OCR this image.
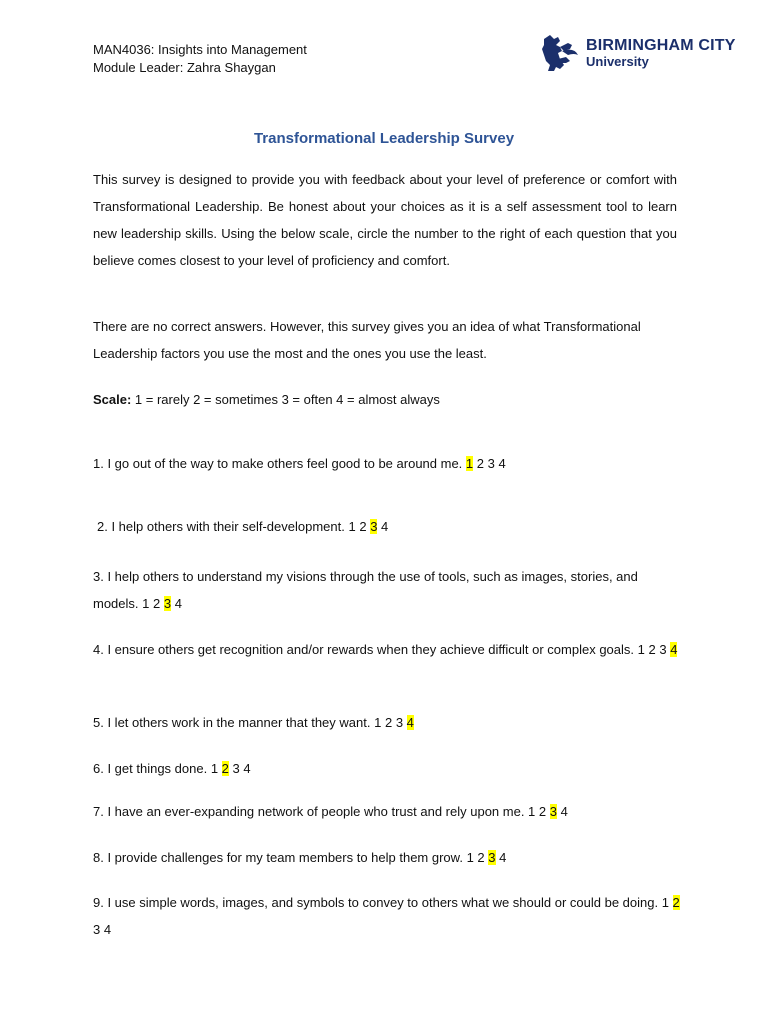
MAN4036: Insights into Management
Module Leader: Zahra Shaygan
BIRMINGHAM CITY
University
Transformational Leadership Survey
This survey is designed to provide you with feedback about your level of preference or comfort with Transformational Leadership. Be honest about your choices as it is a self assessment tool to learn new leadership skills. Using the below scale, circle the number to the right of each question that you believe comes closest to your level of proficiency and comfort.
There are no correct answers. However, this survey gives you an idea of what Transformational Leadership factors you use the most and the ones you use the least.
Scale: 1 = rarely 2 = sometimes 3 = often 4 = almost always
1. I go out of the way to make others feel good to be around me. 1 2 3 4
2. I help others with their self-development. 1 2 3 4
3. I help others to understand my visions through the use of tools, such as images, stories, and models. 1 2 3 4
4. I ensure others get recognition and/or rewards when they achieve difficult or complex goals. 1 2 3 4
5. I let others work in the manner that they want. 1 2 3 4
6. I get things done. 1 2 3 4
7. I have an ever-expanding network of people who trust and rely upon me. 1 2 3 4
8. I provide challenges for my team members to help them grow. 1 2 3 4
9. I use simple words, images, and symbols to convey to others what we should or could be doing. 1 2 3 4
